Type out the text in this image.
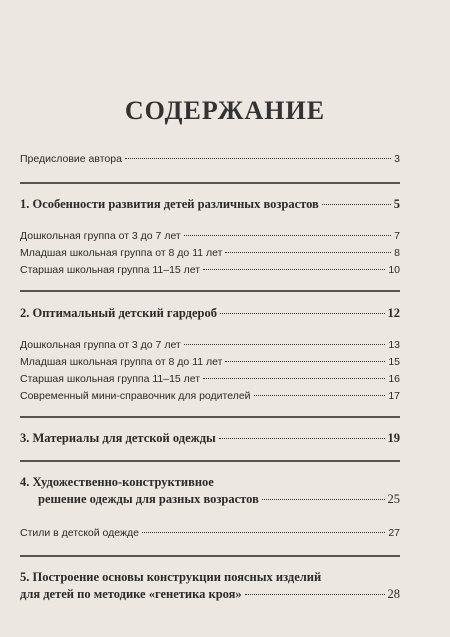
СОДЕРЖАНИЕ
Предисловие автора	3
1. Особенности развития детей различных возрастов	5
Дошкольная группа от 3 до 7 лет	7
Младшая школьная группа от 8 до 11 лет	8
Старшая школьная группа 11–15 лет	10
2. Оптимальный детский гардероб	12
Дошкольная группа от 3 до 7 лет	13
Младшая школьная группа от 8 до 11 лет	15
Старшая школьная группа 11–15 лет	16
Современный мини-справочник для родителей	17
3. Материалы для детской одежды	19
4. Художественно-конструктивное
решение одежды для разных возрастов	25
Стили в детской одежде	27
5. Построение основы конструкции поясных изделий
для детей по методике «генетика кроя»	28
